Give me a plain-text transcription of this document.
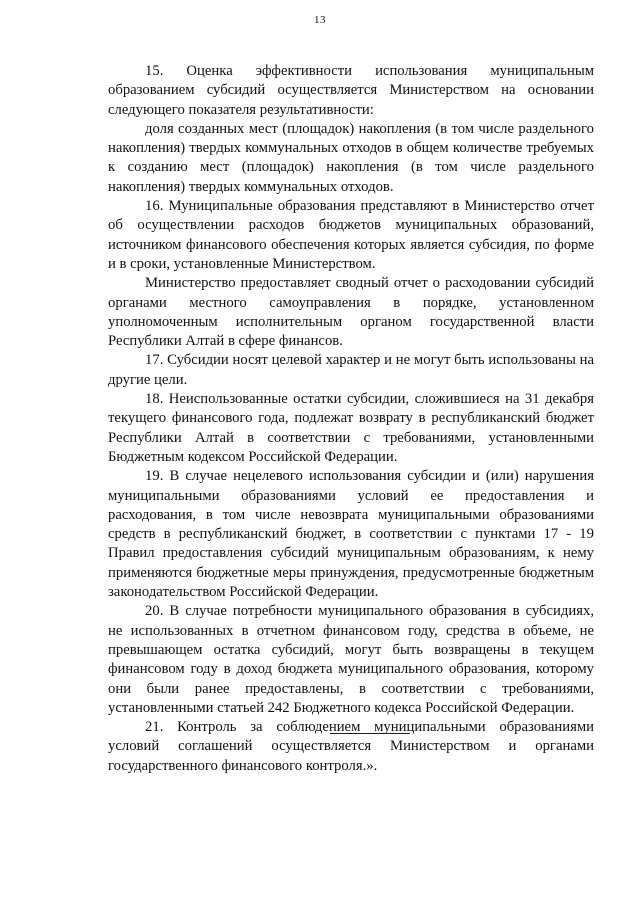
13

15. Оценка эффективности использования муниципальным образованием субсидий осуществляется Министерством на основании следующего показателя результативности:

доля созданных мест (площадок) накопления (в том числе раздельного накопления) твердых коммунальных отходов в общем количестве требуемых к созданию мест (площадок) накопления (в том числе раздельного накопления) твердых коммунальных отходов.

16. Муниципальные образования представляют в Министерство отчет об осуществлении расходов бюджетов муниципальных образований, источником финансового обеспечения которых является субсидия, по форме и в сроки, установленные Министерством.

Министерство предоставляет сводный отчет о расходовании субсидий органами местного самоуправления в порядке, установленном уполномоченным исполнительным органом государственной власти Республики Алтай в сфере финансов.

17. Субсидии носят целевой характер и не могут быть использованы на другие цели.

18. Неиспользованные остатки субсидии, сложившиеся на 31 декабря текущего финансового года, подлежат возврату в республиканский бюджет Республики Алтай в соответствии с требованиями, установленными Бюджетным кодексом Российской Федерации.

19. В случае нецелевого использования субсидии и (или) нарушения муниципальными образованиями условий ее предоставления и расходования, в том числе невозврата муниципальными образованиями средств в республиканский бюджет, в соответствии с пунктами 17 - 19 Правил предоставления субсидий муниципальным образованиям, к нему применяются бюджетные меры принуждения, предусмотренные бюджетным законодательством Российской Федерации.

20. В случае потребности муниципального образования в субсидиях, не использованных в отчетном финансовом году, средства в объеме, не превышающем остатка субсидий, могут быть возвращены в текущем финансовом году в доход бюджета муниципального образования, которому они были ранее предоставлены, в соответствии с требованиями, установленными статьей 242 Бюджетного кодекса Российской Федерации.

21. Контроль за соблюдением муниципальными образованиями условий соглашений осуществляется Министерством и органами государственного финансового контроля.».
